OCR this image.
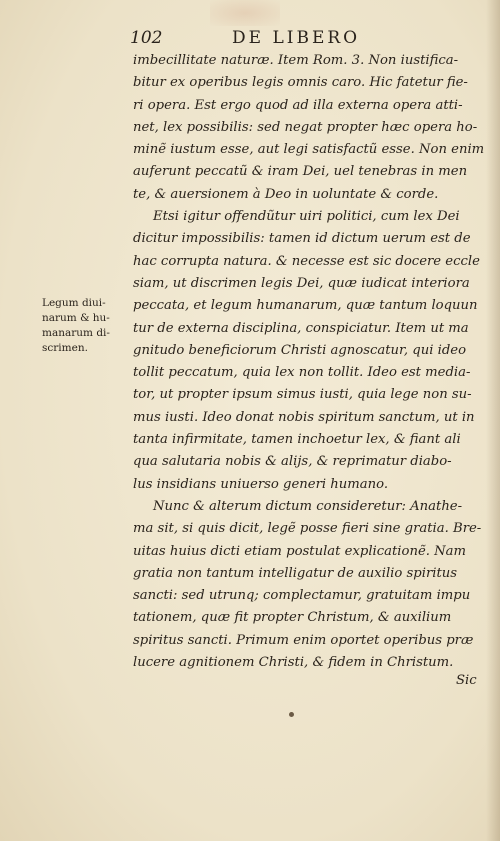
102	DE LIBERO
imbecillitate naturæ. Item Rom. 3. Non iustifica-
bitur ex operibus legis omnis caro. Hic fatetur fie-
ri opera. Est ergo quod ad illa externa opera atti-
net, lex possibilis: sed negat propter hæc opera ho-
minẽ iustum esse, aut legi satisfactũ esse. Non enim
auferunt peccatũ & iram Dei, uel tenebras in men
te, & auersionem à Deo in uoluntate & corde.
Etsi igitur offendũtur uiri politici, cum lex Dei
dicitur impossibilis: tamen id dictum uerum est de
hac corrupta natura. & necesse est sic docere eccle
siam, ut discrimen legis Dei, quæ iudicat interiora
peccata, et legum humanarum, quæ tantum loquun
tur de externa disciplina, conspiciatur. Item ut ma
gnitudo beneficiorum Christi agnoscatur, qui ideo
tollit peccatum, quia lex non tollit. Ideo est media-
tor, ut propter ipsum simus iusti, quia lege non su-
mus iusti. Ideo donat nobis spiritum sanctum, ut in
tanta infirmitate, tamen inchoetur lex, & fiant ali
qua salutaria nobis & alijs, & reprimatur diabo-
lus insidians uniuerso generi humano.
Nunc & alterum dictum consideretur: Anathe-
ma sit, si quis dicit, legẽ posse fieri sine gratia. Bre-
uitas huius dicti etiam postulat explicationẽ. Nam
gratia non tantum intelligatur de auxilio spiritus
sancti: sed utrunq; complectamur, gratuitam impu
tationem, quæ fit propter Christum, & auxilium
spiritus sancti. Primum enim oportet operibus præ
lucere agnitionem Christi, & fidem in Christum.
Legum diui-
narum & hu-
manarum di-
scrimen.
Sic
